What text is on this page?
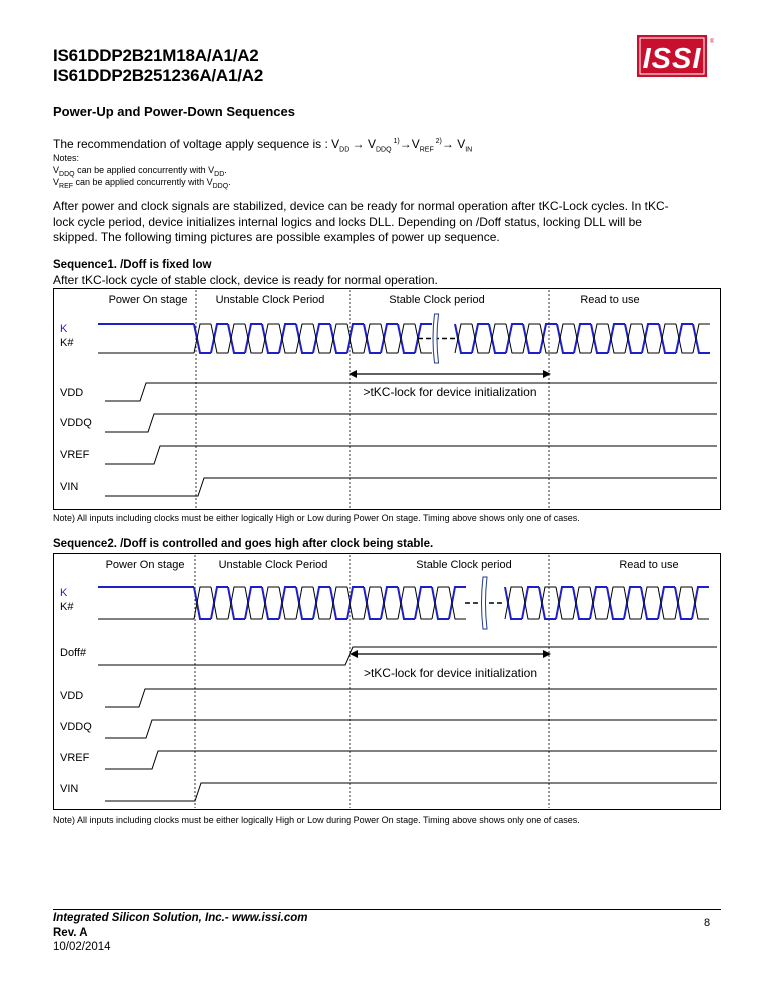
IS61DDP2B21M18A/A1/A2
IS61DDP2B251236A/A1/A2
ISSI
®
Power-Up and Power-Down Sequences
The recommendation of voltage apply sequence is : $V_{DD} \to V_{DDQ}$ $^{1)}\to V_{REF}$ $^{2)}\to V_{IN}$
Notes:
$V_{DDQ}$ can be applied concurrently with $V_{DD}$.
$V_{REF}$ can be applied concurrently with $V_{DDQ}$.
After power and clock signals are stabilized, device can be ready for normal operation after tKC-Lock cycles. In tKC-
lock cycle period, device initializes internal logics and locks DLL. Depending on /Doff status, locking DLL will be
skipped. The following timing pictures are possible examples of power up sequence.
Sequence1. /Doff is fixed low
After tKC-lock cycle of stable clock, device is ready for normal operation.
Power On stage	Unstable Clock Period	Stable Clock period	Read to use
K
K#
VDD
VDDQ
VREF
VIN
>tKC-lock for device initialization
Note) All inputs including clocks must be either logically High or Low during Power On stage. Timing above shows only one of cases.
Sequence2. /Doff is controlled and goes high after clock being stable.
Power On stage	Unstable Clock Period	Stable Clock period	Read to use
K
K#
Doff#
VDD
VDDQ
VREF
VIN
>tKC-lock for device initialization
Note) All inputs including clocks must be either logically High or Low during Power On stage. Timing above shows only one of cases.
Integrated Silicon Solution, Inc.- www.issi.com
Rev. A
10/02/2014
8
